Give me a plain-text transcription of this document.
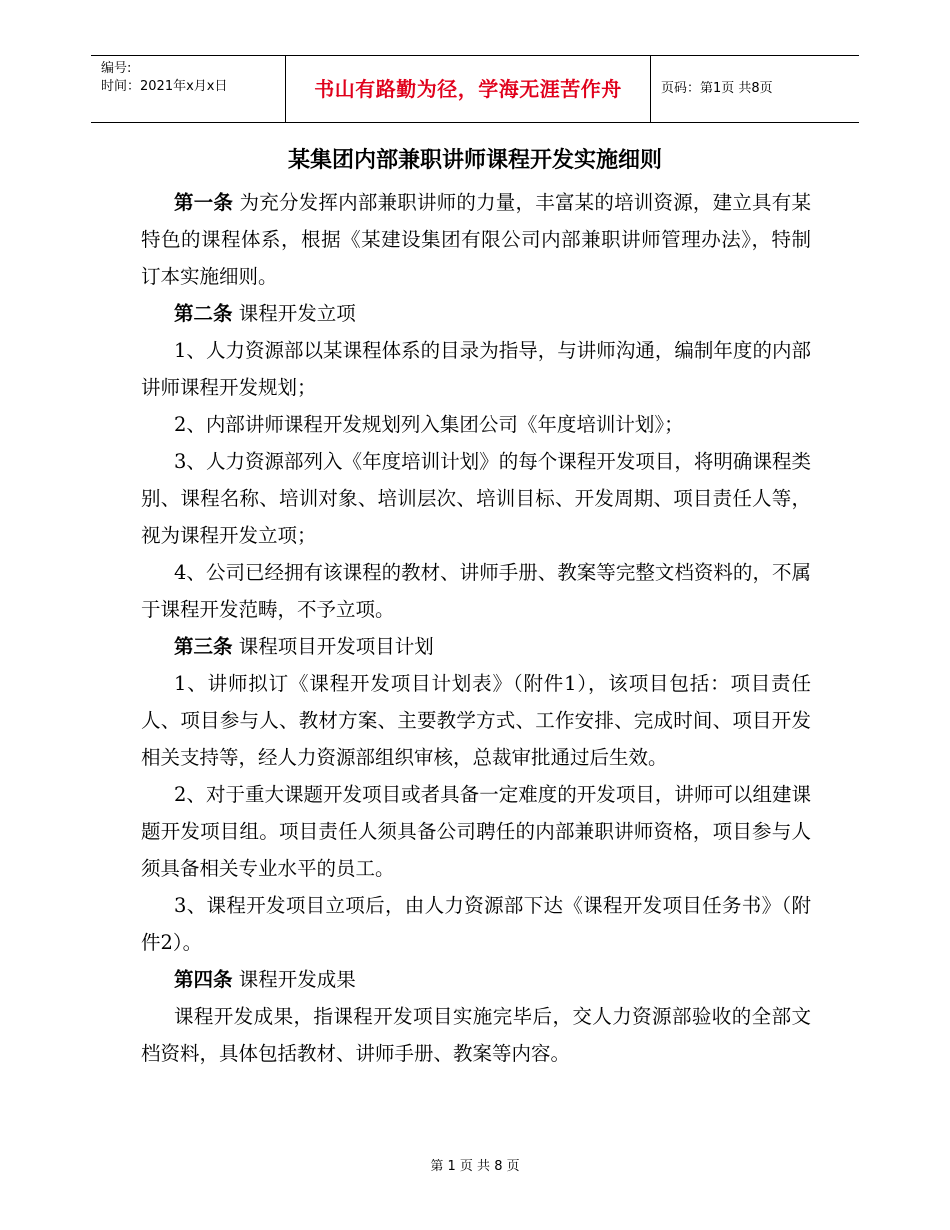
编号:
时间：2021年x月x日	书山有路勤为径，学海无涯苦作舟	页码：第1页 共8页
某集团内部兼职讲师课程开发实施细则

第一条 为充分发挥内部兼职讲师的力量，丰富某的培训资源，建立具有某特色的课程体系，根据《某建设集团有限公司内部兼职讲师管理办法》，特制订本实施细则。

第二条 课程开发立项

1、人力资源部以某课程体系的目录为指导，与讲师沟通，编制年度的内部讲师课程开发规划；

2、内部讲师课程开发规划列入集团公司《年度培训计划》；

3、人力资源部列入《年度培训计划》的每个课程开发项目，将明确课程类别、课程名称、培训对象、培训层次、培训目标、开发周期、项目责任人等，视为课程开发立项；

4、公司已经拥有该课程的教材、讲师手册、教案等完整文档资料的，不属于课程开发范畴，不予立项。

第三条 课程项目开发项目计划

1、讲师拟订《课程开发项目计划表》（附件1），该项目包括：项目责任人、项目参与人、教材方案、主要教学方式、工作安排、完成时间、项目开发相关支持等，经人力资源部组织审核，总裁审批通过后生效。

2、对于重大课题开发项目或者具备一定难度的开发项目，讲师可以组建课题开发项目组。项目责任人须具备公司聘任的内部兼职讲师资格，项目参与人须具备相关专业水平的员工。

3、课程开发项目立项后，由人力资源部下达《课程开发项目任务书》（附件2）。

第四条 课程开发成果

课程开发成果，指课程开发项目实施完毕后，交人力资源部验收的全部文档资料，具体包括教材、讲师手册、教案等内容。

第 1 页 共 8 页
